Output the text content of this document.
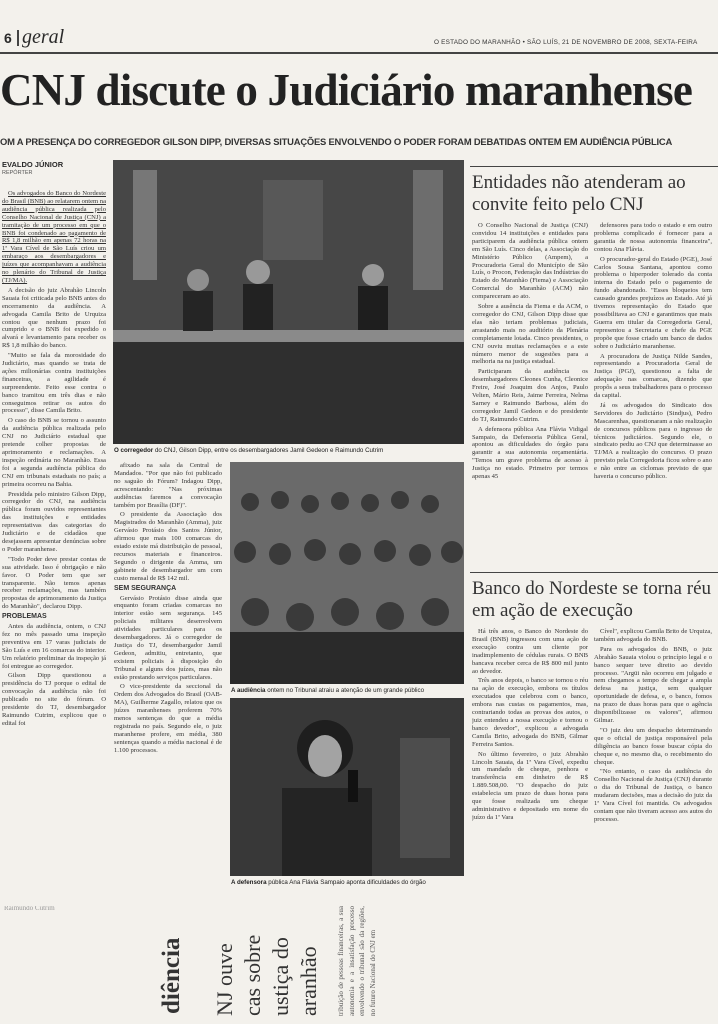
6 geral	O ESTADO DO MARANHÃO • SÃO LUÍS, 21 DE NOVEMBRO DE 2008, SEXTA-FEIRA
CNJ discute o Judiciário maranhense
OM A PRESENÇA DO CORREGEDOR GILSON DIPP, DIVERSAS SITUAÇÕES ENVOLVENDO O PODER FORAM DEBATIDAS ONTEM EM AUDIÊNCIA PÚBLICA
EVALDO JÚNIOR
REPÓRTER

Os advogados do Banco do Nordeste do Brasil (BNB) ao relatarem ontem na audiência pública realizada pelo Conselho Nacional de Justiça (CNJ) a tramitação de um processo em que o BNB foi condenado ao pagamento de R$ 1,8 milhão em apenas 72 horas na 1ª Vara Cível de São Luís criou um embaraço aos desembargadores e juízes que acompanhavam a audiência no plenário do Tribunal de Justiça (TJ/MA).

A decisão do juiz Abrahão Lincoln Sauaia foi criticada pelo BNB antes do encerramento da audiência. A advogada Camila Brito de Urquiza contou que nenhum prazo foi cumprido e o BNB foi expedido o alvará e levantamento para receber os R$ 1,8 milhão do banco.

"Muito se fala da morosidade do Judiciário, mas quando se trata de ações milionárias contra instituições financeiras, a agilidade é surpreendente. Feito esse contra o banco tramitou em três dias e não conseguimos retirar os autos do processo", disse Camila Brito.

O caso do BNB se tornou o assunto da audiência pública realizada pelo CNJ no Judiciário estadual que pretende colher propostas de aprimoramento e reclamações. A inspeção ordinária no Maranhão. Essa foi a segunda audiência pública do CNJ em tribunais estaduais no país; a primeira ocorreu na Bahia.

Presidida pelo ministro Gilson Dipp, corregedor do CNJ, na audiência pública foram ouvidos representantes das instituições e entidades representativas das categorias do Judiciário e de cidadãos que desejassem apresentar denúncias sobre o Poder maranhense.

"Todo Poder deve prestar contas de sua atividade. Isso é obrigação e não favor. O Poder tem que ser transparente. Não temos apenas receber reclamações, mas também propostas de aprimoramento da Justiça do Maranhão", declarou Dipp.

PROBLEMAS

Antes da audiência, ontem, o CNJ fez no mês passado uma inspeção preventiva em 17 varas judiciais de São Luís e em 16 comarcas do interior. Um relatório preliminar da inspeção já foi entregue ao corregedor.

Gilson Dipp questionou a presidência do TJ porque o edital de convocação da audiência não foi publicado no site do fórum. O presidente do TJ, desembargador Raimundo Cutrim, explicou que o edital foi

O corregedor do CNJ, Gilson Dipp, entre os desembargadores Jamil Gedeon e Raimundo Cutrim

afixado na sala da Central de Mandados. "Por que não foi publicado no saguão do Fórum? Indagou Dipp, acrescentando: "Nas próximas audiências faremos a convocação também por Brasília (DF)".

O presidente da Associação dos Magistrados do Maranhão (Amma), juiz Gervásio Protásio dos Santos Júnior, afirmou que mais 100 comarcas do estado existe má distribuição de pessoal, recursos materiais e financeiros. Segundo o dirigente da Amma, um gabinete de desembargador um com custo mensal de R$ 142 mil.

SEM SEGURANÇA

Gervásio Protásio disse ainda que enquanto foram criadas comarcas no interior estão sem segurança. 145 policiais militares desenvolvem atividades particulares para os desembargadores. Já o corregedor de Justiça do TJ, desembargador Jamil Gedeon, admitiu, entretanto, que existem policiais à disposição do Tribunal e alguns dos juízes, mas não estão prestando serviços particulares.

O vice-presidente da seccional da Ordem dos Advogados do Brasil (OAB-MA), Guilherme Zagallo, relatou que os juízes maranhenses proferem 70% menos sentenças do que a média registrada no país. Segundo ele, o juiz maranhense profere, em média, 380 sentenças quando a média nacional é de 1.100 processos.

A audiência ontem no Tribunal atraiu a atenção de um grande público
A defensora pública Ana Flávia Sampaio aponta dificuldades do órgão
Entidades não atenderam ao convite feito pelo CNJ

O Conselho Nacional de Justiça (CNJ) convidou 14 instituições e entidades para participarem da audiência pública ontem em São Luís. Cinco delas, a Associação do Ministério Público (Ampem), a Procuradoria Geral do Município de São Luís, o Procon, Federação das Indústrias do Estado do Maranhão (Fiema) e Associação Comercial do Maranhão (ACM) não compareceram ao ato.

Sobre a ausência da Fiema e da ACM, o corregedor do CNJ, Gilson Dipp disse que elas não teriam problemas judiciais, arrastando mais no auditório da Plenária completamente lotada. Cinco presidentes, o CNJ ouviu muitas reclamações e a este número menor de sugestões para a melhoria na na justiça estadual.

Participaram da audiência os desembargadores Cleones Cunha, Cleonice Freire, José Joaquim dos Anjos, Paulo Velten, Mário Reis, Jaime Ferreira, Nelma Sarney e Raimundo Barbosa, além do corregedor Jamil Gedeon e do presidente do TJ, Raimundo Cutrim.

A defensora pública Ana Flávia Vidigal Sampaio, da Defensoria Pública Geral, apontou as dificuldades do órgão para garantir a sua autonomia orçamentária. "Temos um grave problema de acesso à Justiça no estado. Primeiro por termos apenas 45

defensores para todo o estado e em outro problema complicado é fornecer para a garantia de nossa autonomia financeira", contou Ana Flávia.

O procurador-geral do Estado (PGE), José Carlos Sousa Santana, apontou como problema o hiperpoder tolerado da conta interna do Estado pelo o pagamento de fundo abandonado. "Esses bloqueios tem causado grandes prejuízos ao Estado. Até já tivemos representação do Estado que possibilitava ao CNJ e garantimos que mais Guerra em titular da Corregedoria Geral, representou a Secretaria e chefe da PGE propõe que fosse criado um banco de dados sobre o Judiciário maranhense.

A procuradora de Justiça Nilde Sandes, representando a Procuradoria Geral de Justiça (PGJ), questionou a falta de adequação nas comarcas, dizendo que propôs a seus trabalhadores para o processo da capital.

Já os advogados do Sindicato dos Servidores do Judiciário (Sindjus), Pedro Mascarenhas, questionaram a não realização de concursos públicos para o ingresso de técnicos judiciários. Segundo ele, o sindicato pediu ao CNJ que determinasse ao TJ/MA a realização do concurso. O prazo previsto pela Corregedoria ficou sobre o ano e não entre as ciclomas previsto de que haveria o concurso público.

Banco do Nordeste se torna réu em ação de execução

Há três anos, o Banco do Nordeste do Brasil (BNB) ingressou com uma ação de execução contra um cliente por inadimplemento de cédulas rurais. O BNB bancava receber cerca de R$ 800 mil junto ao devedor.

Três anos depois, o banco se tornou o réu na ação de execução, embora os títulos executados que celebrou com o banco, embora nas custas os pagamentos, mas, contrariando todas as provas dos autos, o juiz entendeu a nossa execução e tornou o banco devedor", explicou a advogada Camila Brito, advogada do BNB, Gilmar Ferreira Santos.

No último fevereiro, o juiz Abrahão Lincoln Sauaia, da 1ª Vara Cível, expediu um mandado de cheque, penhora e transferência em dinheiro de R$ 1.889.508,00. "O despacho do juiz estabelecia um prazo de duas horas para que fosse realizada um cheque administrativo e depositado em nome do juízo da 1ª Vara

Cível", explicou Camila Brito de Urquiza, também advogada do BNB.

Para os advogados do BNB, o juiz Abrahão Sauaia violou o princípio legal e o banco sequer teve direito ao devido processo. "Argüi não ocorreu em julgado e nem chegamos a tempo de chegar a ampla defesa na justiça, sem qualquer oportunidade de defesa, e, o banco, fomos na prazo de duas horas para que o agência disponibilizasse os valores", afirmou Gilmar.

"O juiz deu um despacho determinando que o oficial de justiça responsável pela diligência ao banco fosse buscar cópia do cheque e, no mesmo dia, o recebimento do cheque.

"No entanto, o caso da audiência do Conselho Nacional de Justiça (CNJ) durante o dia do Tribunal de Justiça, o banco mudaram decisões, mas a decisão do juiz da 1ª Vara Cível foi mantida. Os advogados contam que não tiveram acesso aos autos do processo.

Raimundo Cutrim
diência NJ ouve cas sobre ustiça do aranhão tribuição de pessoas financeiras, a sua autonomia e a insatisfação processo envolvendo o tribunal são da regiões, no futuro Nacional do CNJ em
